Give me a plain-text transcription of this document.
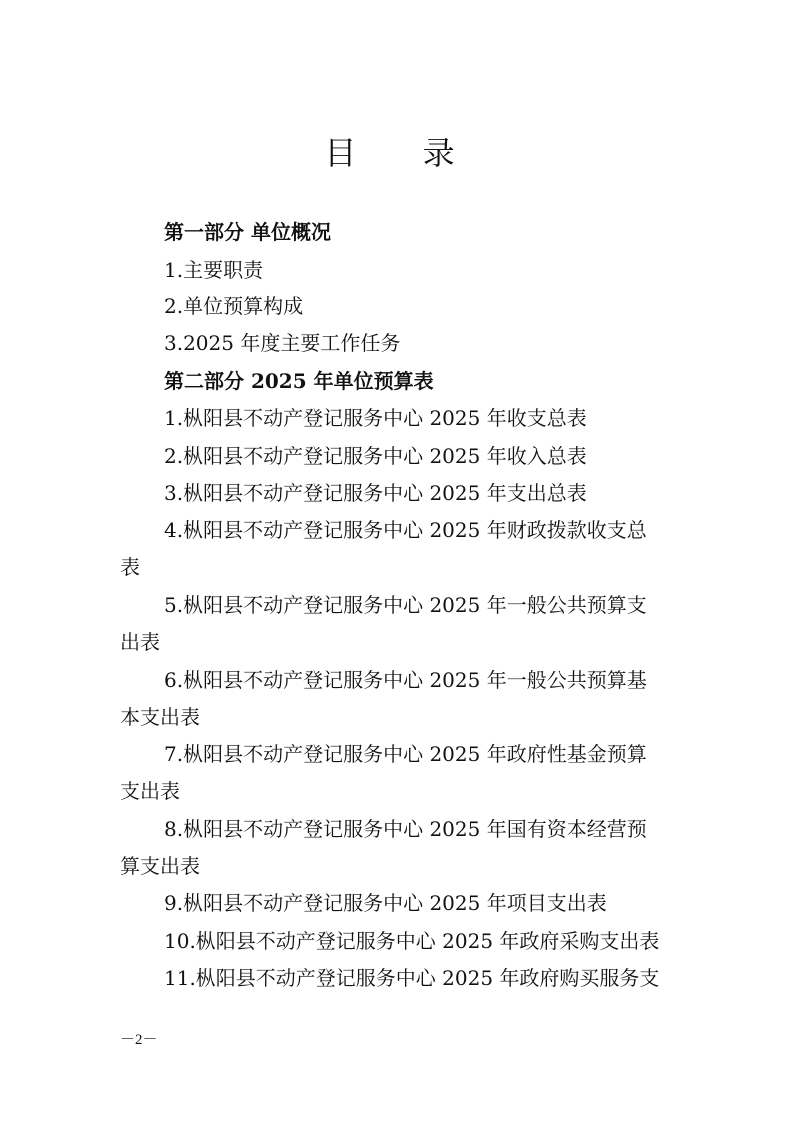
目 录
第一部分 单位概况
1.主要职责
2.单位预算构成
3.2025 年度主要工作任务
第二部分 2025 年单位预算表
1.枞阳县不动产登记服务中心 2025 年收支总表
2.枞阳县不动产登记服务中心 2025 年收入总表
3.枞阳县不动产登记服务中心 2025 年支出总表
4.枞阳县不动产登记服务中心 2025 年财政拨款收支总
表
5.枞阳县不动产登记服务中心 2025 年一般公共预算支
出表
6.枞阳县不动产登记服务中心 2025 年一般公共预算基
本支出表
7.枞阳县不动产登记服务中心 2025 年政府性基金预算
支出表
8.枞阳县不动产登记服务中心 2025 年国有资本经营预
算支出表
9.枞阳县不动产登记服务中心 2025 年项目支出表
10.枞阳县不动产登记服务中心 2025 年政府采购支出表
11.枞阳县不动产登记服务中心 2025 年政府购买服务支
－2－
